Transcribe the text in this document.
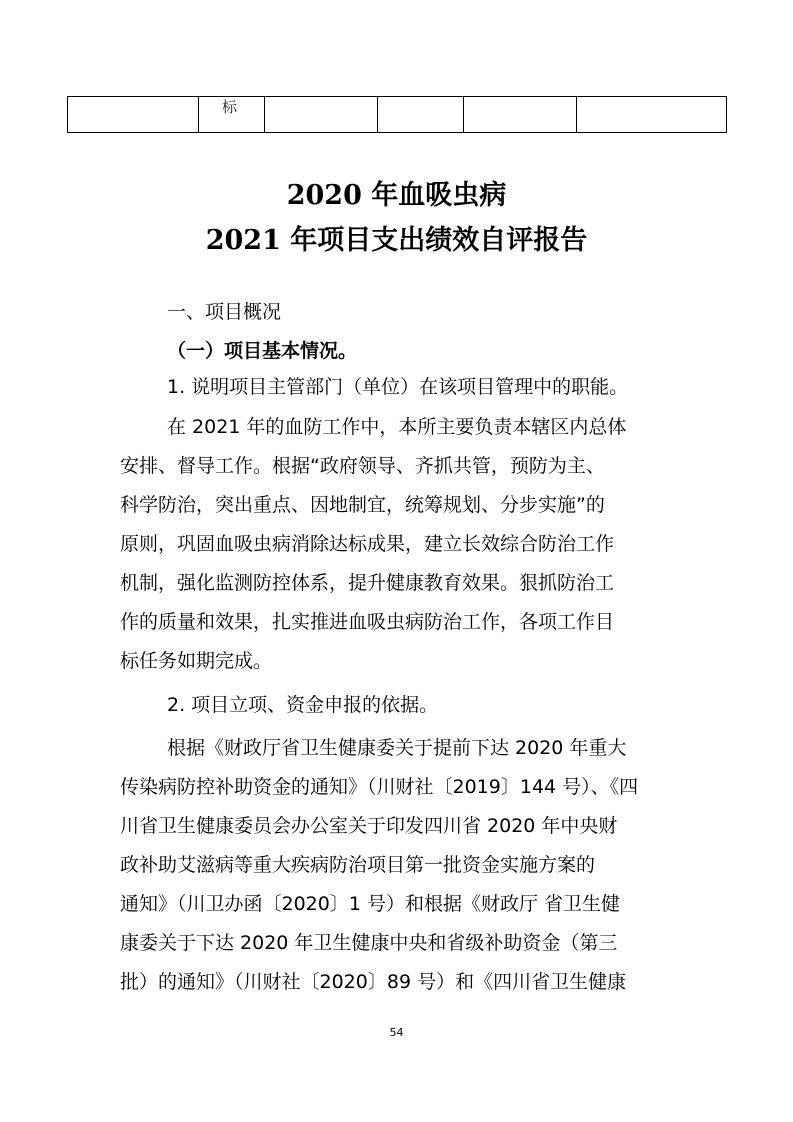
标
2020 年血吸虫病
2021 年项目支出绩效自评报告
一、项目概况
（一）项目基本情况。
1. 说明项目主管部门（单位）在该项目管理中的职能。
在 2021 年的血防工作中，本所主要负责本辖区内总体
安排、督导工作。根据“政府领导、齐抓共管，预防为主、
科学防治，突出重点、因地制宜，统筹规划、分步实施”的
原则，巩固血吸虫病消除达标成果，建立长效综合防治工作
机制，强化监测防控体系，提升健康教育效果。狠抓防治工
作的质量和效果，扎实推进血吸虫病防治工作，各项工作目
标任务如期完成。
2. 项目立项、资金申报的依据。
根据《财政厅省卫生健康委关于提前下达 2020 年重大
传染病防控补助资金的通知》（川财社〔2019〕144 号）、《四
川省卫生健康委员会办公室关于印发四川省 2020 年中央财
政补助艾滋病等重大疾病防治项目第一批资金实施方案的
通知》（川卫办函〔2020〕1 号）和根据《财政厅 省卫生健
康委关于下达 2020 年卫生健康中央和省级补助资金（第三
批）的通知》（川财社〔2020〕89 号）和《四川省卫生健康
54
